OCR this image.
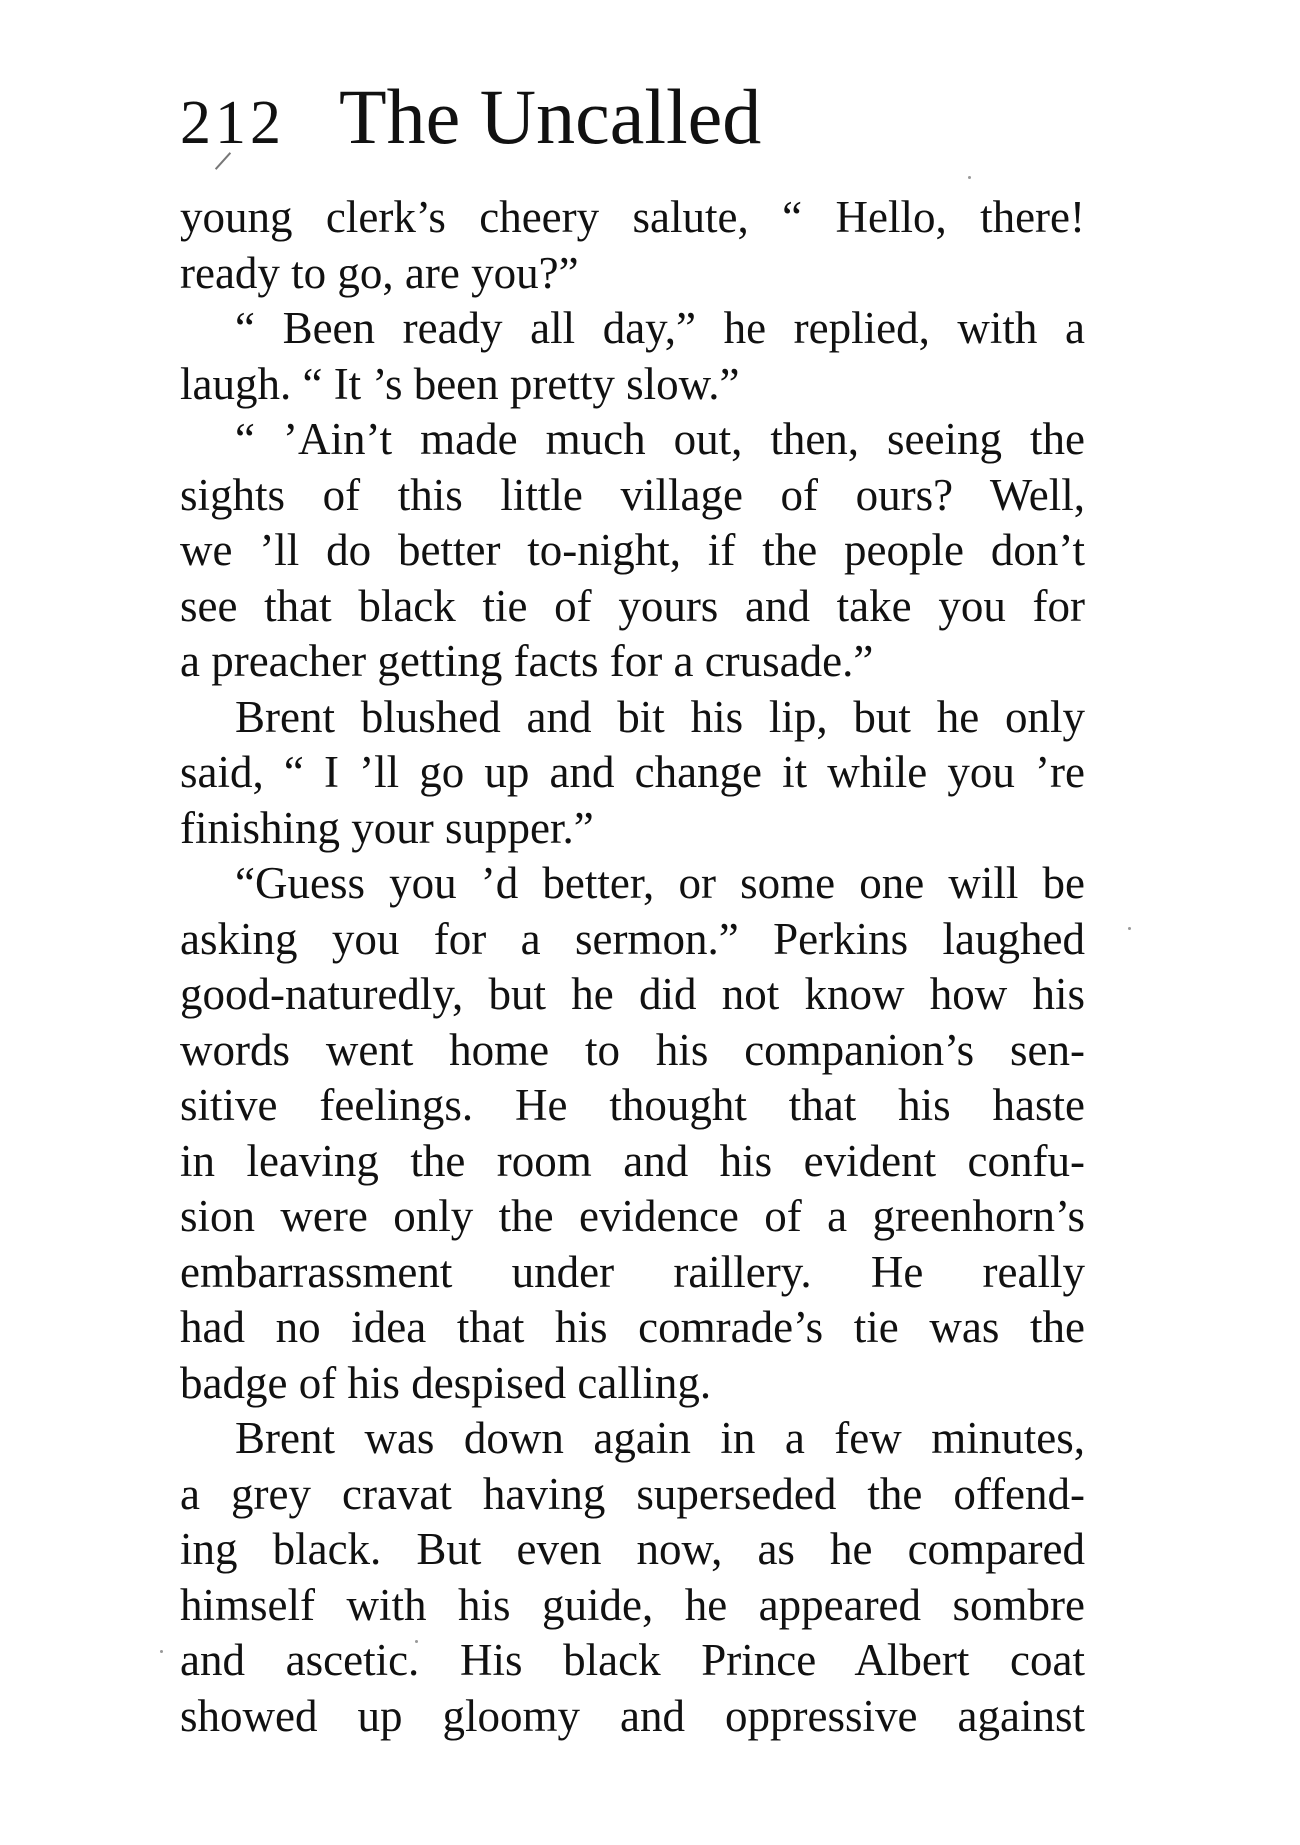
212 The Uncalled
young clerk’s cheery salute, “ Hello, there!
ready to go, are you?”
“ Been ready all day,” he replied, with a
laugh. “ It ’s been pretty slow.”
“ ’Ain’t made much out, then, seeing the
sights of this little village of ours? Well,
we ’ll do better to-night, if the people don’t
see that black tie of yours and take you for
a preacher getting facts for a crusade.”
Brent blushed and bit his lip, but he only
said, “ I ’ll go up and change it while you ’re
finishing your supper.”
“Guess you ’d better, or some one will be
asking you for a sermon.” Perkins laughed
good-naturedly, but he did not know how his
words went home to his companion’s sen-
sitive feelings. He thought that his haste
in leaving the room and his evident confu-
sion were only the evidence of a greenhorn’s
embarrassment under raillery. He really
had no idea that his comrade’s tie was the
badge of his despised calling.
Brent was down again in a few minutes,
a grey cravat having superseded the offend-
ing black. But even now, as he compared
himself with his guide, he appeared sombre
and ascetic. His black Prince Albert coat
showed up gloomy and oppressive against
